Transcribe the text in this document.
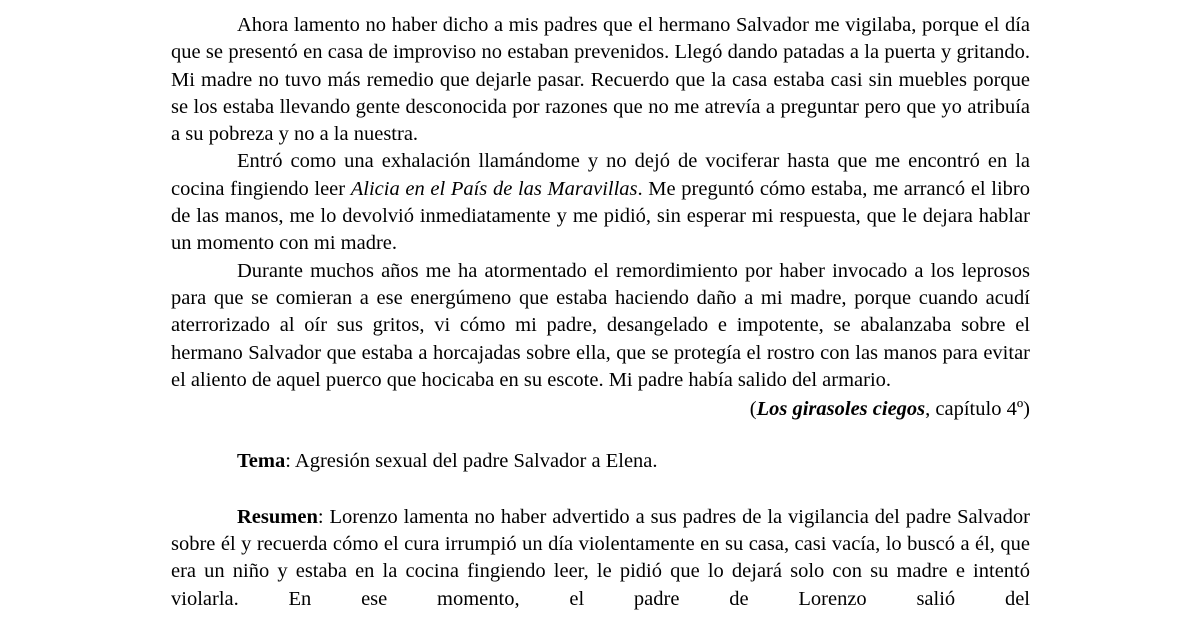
Ahora lamento no haber dicho a mis padres que el hermano Salvador me vigilaba, porque el día que se presentó en casa de improviso no estaban prevenidos. Llegó dando patadas a la puerta y gritando. Mi madre no tuvo más remedio que dejarle pasar. Recuerdo que la casa estaba casi sin muebles porque se los estaba llevando gente desconocida por razones que no me atrevía a preguntar pero que yo atribuía a su pobreza y no a la nuestra.

Entró como una exhalación llamándome y no dejó de vociferar hasta que me encontró en la cocina fingiendo leer Alicia en el País de las Maravillas. Me preguntó cómo estaba, me arrancó el libro de las manos, me lo devolvió inmediatamente y me pidió, sin esperar mi respuesta, que le dejara hablar un momento con mi madre.

Durante muchos años me ha atormentado el remordimiento por haber invocado a los leprosos para que se comieran a ese energúmeno que estaba haciendo daño a mi madre, porque cuando acudí aterrorizado al oír sus gritos, vi cómo mi padre, desangelado e impotente, se abalanzaba sobre el hermano Salvador que estaba a horcajadas sobre ella, que se protegía el rostro con las manos para evitar el aliento de aquel puerco que hocicaba en su escote. Mi padre había salido del armario.

(Los girasoles ciegos, capítulo 4º)

Tema: Agresión sexual del padre Salvador a Elena.

Resumen: Lorenzo lamenta no haber advertido a sus padres de la vigilancia del padre Salvador sobre él y recuerda cómo el cura irrumpió un día violentamente en su casa, casi vacía, lo buscó a él, que era un niño y estaba en la cocina fingiendo leer, le pidió que lo dejará solo con su madre e intentó violarla. En ese momento, el padre de Lorenzo salió del
